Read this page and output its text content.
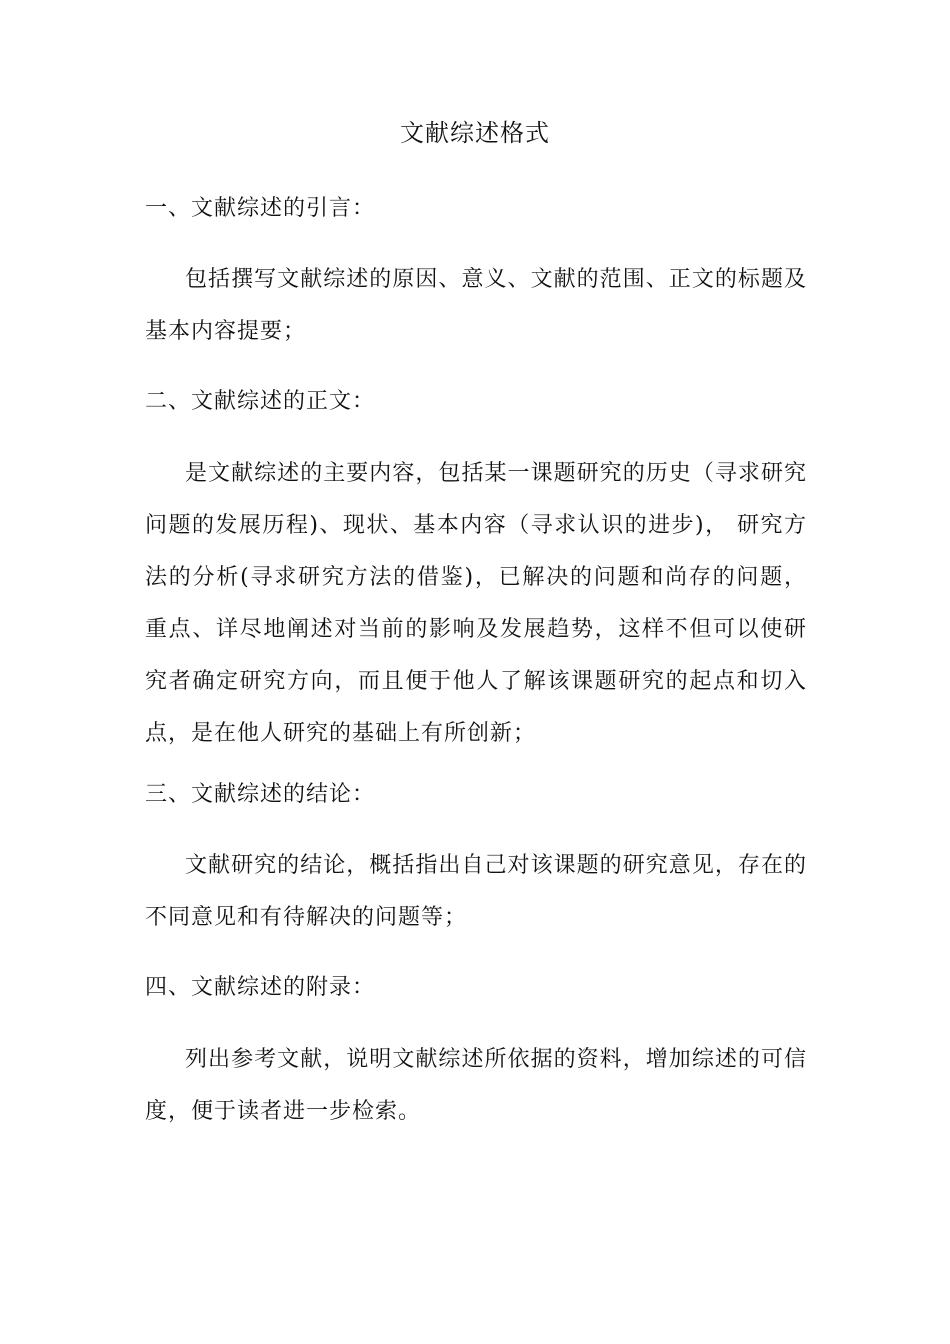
文献综述格式
一、文献综述的引言：
包括撰写文献综述的原因、意义、文献的范围、正文的标题及基本内容提要；
二、文献综述的正文：
是文献综述的主要内容，包括某一课题研究的历史（寻求研究问题的发展历程)、现状、基本内容（寻求认识的进步)， 研究方法的分析(寻求研究方法的借鉴)，已解决的问题和尚存的问题，重点、详尽地阐述对当前的影响及发展趋势，这样不但可以使研究者确定研究方向，而且便于他人了解该课题研究的起点和切入点，是在他人研究的基础上有所创新；
三、文献综述的结论：
文献研究的结论，概括指出自己对该课题的研究意见，存在的不同意见和有待解决的问题等；
四、文献综述的附录：
列出参考文献，说明文献综述所依据的资料，增加综述的可信度，便于读者进一步检索。
